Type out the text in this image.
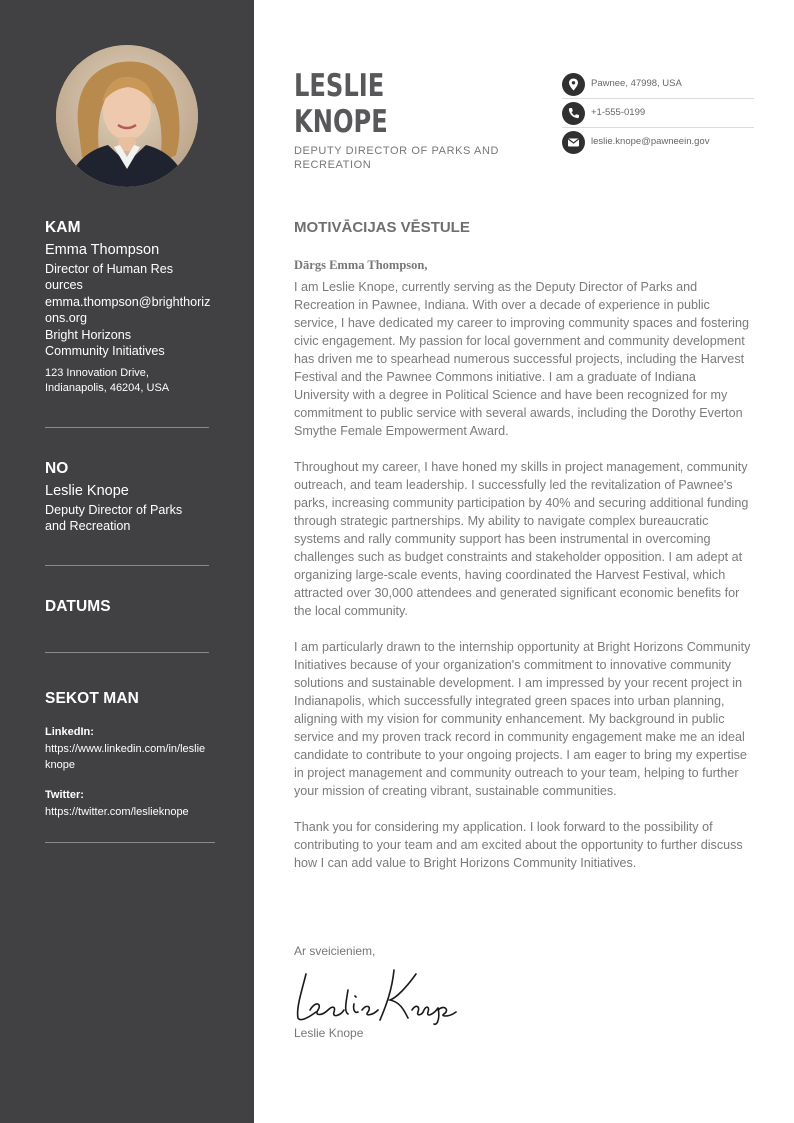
KAM
Emma Thompson
Director of Human Resources
emma.thompson@brighthorizons.org
Bright Horizons Community Initiatives
123 Innovation Drive, Indianapolis, 46204, USA
NO
Leslie Knope
Deputy Director of Parks and Recreation
DATUMS
SEKOT MAN
LinkedIn:
https://www.linkedin.com/in/leslieknope
Twitter:
https://twitter.com/leslieknope
LESLIE
KNOPE
DEPUTY DIRECTOR OF PARKS AND RECREATION
Pawnee, 47998, USA
+1-555-0199
leslie.knope@pawneein.gov
MOTIVĀCIJAS VĒSTULE
Dārgs Emma Thompson,

I am Leslie Knope, currently serving as the Deputy Director of Parks and Recreation in Pawnee, Indiana. With over a decade of experience in public service, I have dedicated my career to improving community spaces and fostering civic engagement. My passion for local government and community development has driven me to spearhead numerous successful projects, including the Harvest Festival and the Pawnee Commons initiative. I am a graduate of Indiana University with a degree in Political Science and have been recognized for my commitment to public service with several awards, including the Dorothy Everton Smythe Female Empowerment Award.

Throughout my career, I have honed my skills in project management, community outreach, and team leadership. I successfully led the revitalization of Pawnee's parks, increasing community participation by 40% and securing additional funding through strategic partnerships. My ability to navigate complex bureaucratic systems and rally community support has been instrumental in overcoming challenges such as budget constraints and stakeholder opposition. I am adept at organizing large-scale events, having coordinated the Harvest Festival, which attracted over 30,000 attendees and generated significant economic benefits for the local community.

I am particularly drawn to the internship opportunity at Bright Horizons Community Initiatives because of your organization's commitment to innovative community solutions and sustainable development. I am impressed by your recent project in Indianapolis, which successfully integrated green spaces into urban planning, aligning with my vision for community enhancement. My background in public service and my proven track record in community engagement make me an ideal candidate to contribute to your ongoing projects. I am eager to bring my expertise in project management and community outreach to your team, helping to further your mission of creating vibrant, sustainable communities.

Thank you for considering my application. I look forward to the possibility of contributing to your team and am excited about the opportunity to further discuss how I can add value to Bright Horizons Community Initiatives.

Ar sveicieniem,
Leslie Knope
